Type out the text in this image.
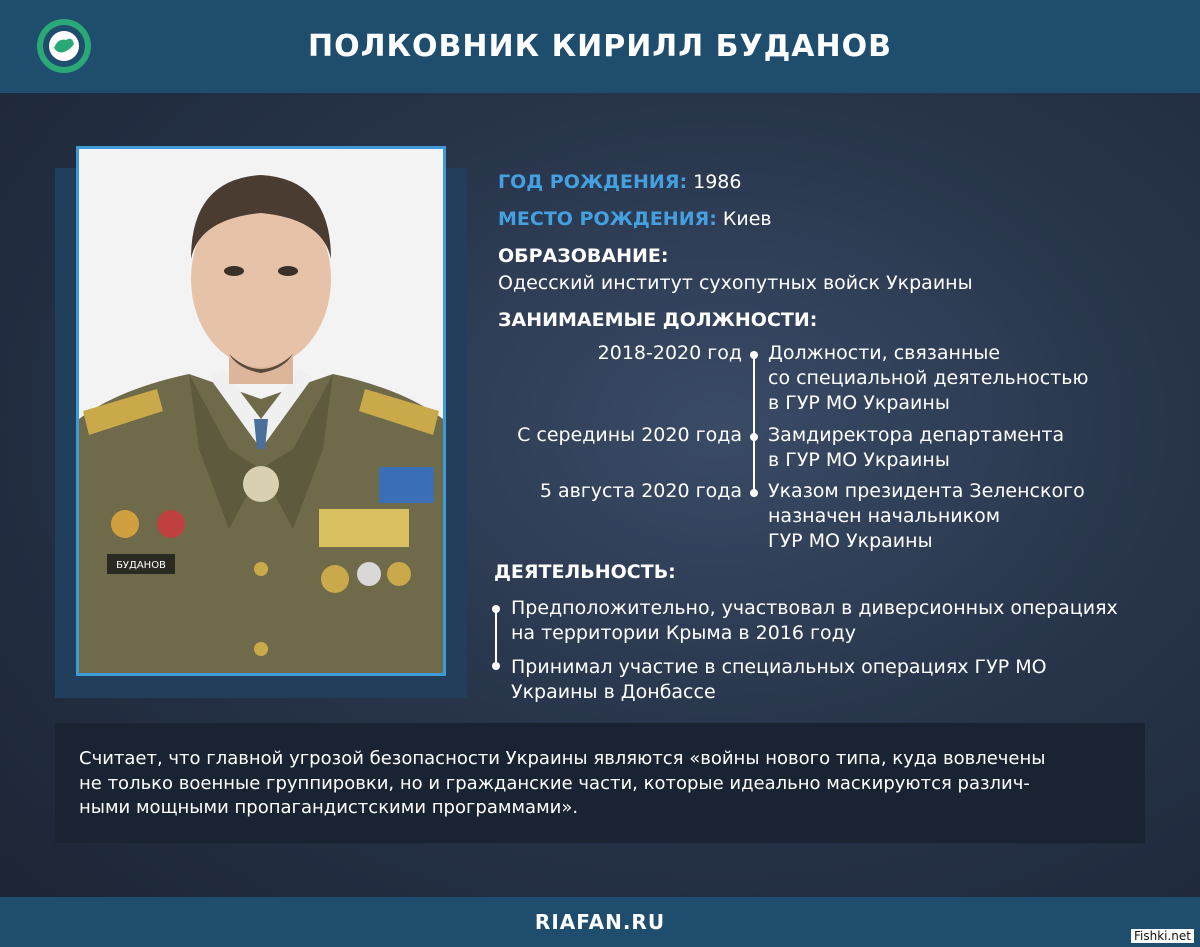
ПОЛКОВНИК КИРИЛЛ БУДАНОВ
БУДАНОВ
ГОД РОЖДЕНИЯ: 1986
МЕСТО РОЖДЕНИЯ: Киев
ОБРАЗОВАНИЕ:
Одесский институт сухопутных войск Украины
ЗАНИМАЕМЫЕ ДОЛЖНОСТИ:
2018-2020 год Должности, связанные
со специальной деятельностью
в ГУР МО Украины
С середины 2020 года Замдиректора департамента
в ГУР МО Украины
5 августа 2020 года Указом президента Зеленского
назначен начальником
ГУР МО Украины
ДЕЯТЕЛЬНОСТЬ:
Предположительно, участвовал в диверсионных операциях
на территории Крыма в 2016 году
Принимал участие в специальных операциях ГУР МО
Украины в Донбассе
Считает, что главной угрозой безопасности Украины являются «войны нового типа, куда вовлечены
не только военные группировки, но и гражданские части, которые идеально маскируются различ-
ными мощными пропагандистскими программами».
RIAFAN.RU
Fishki.net
